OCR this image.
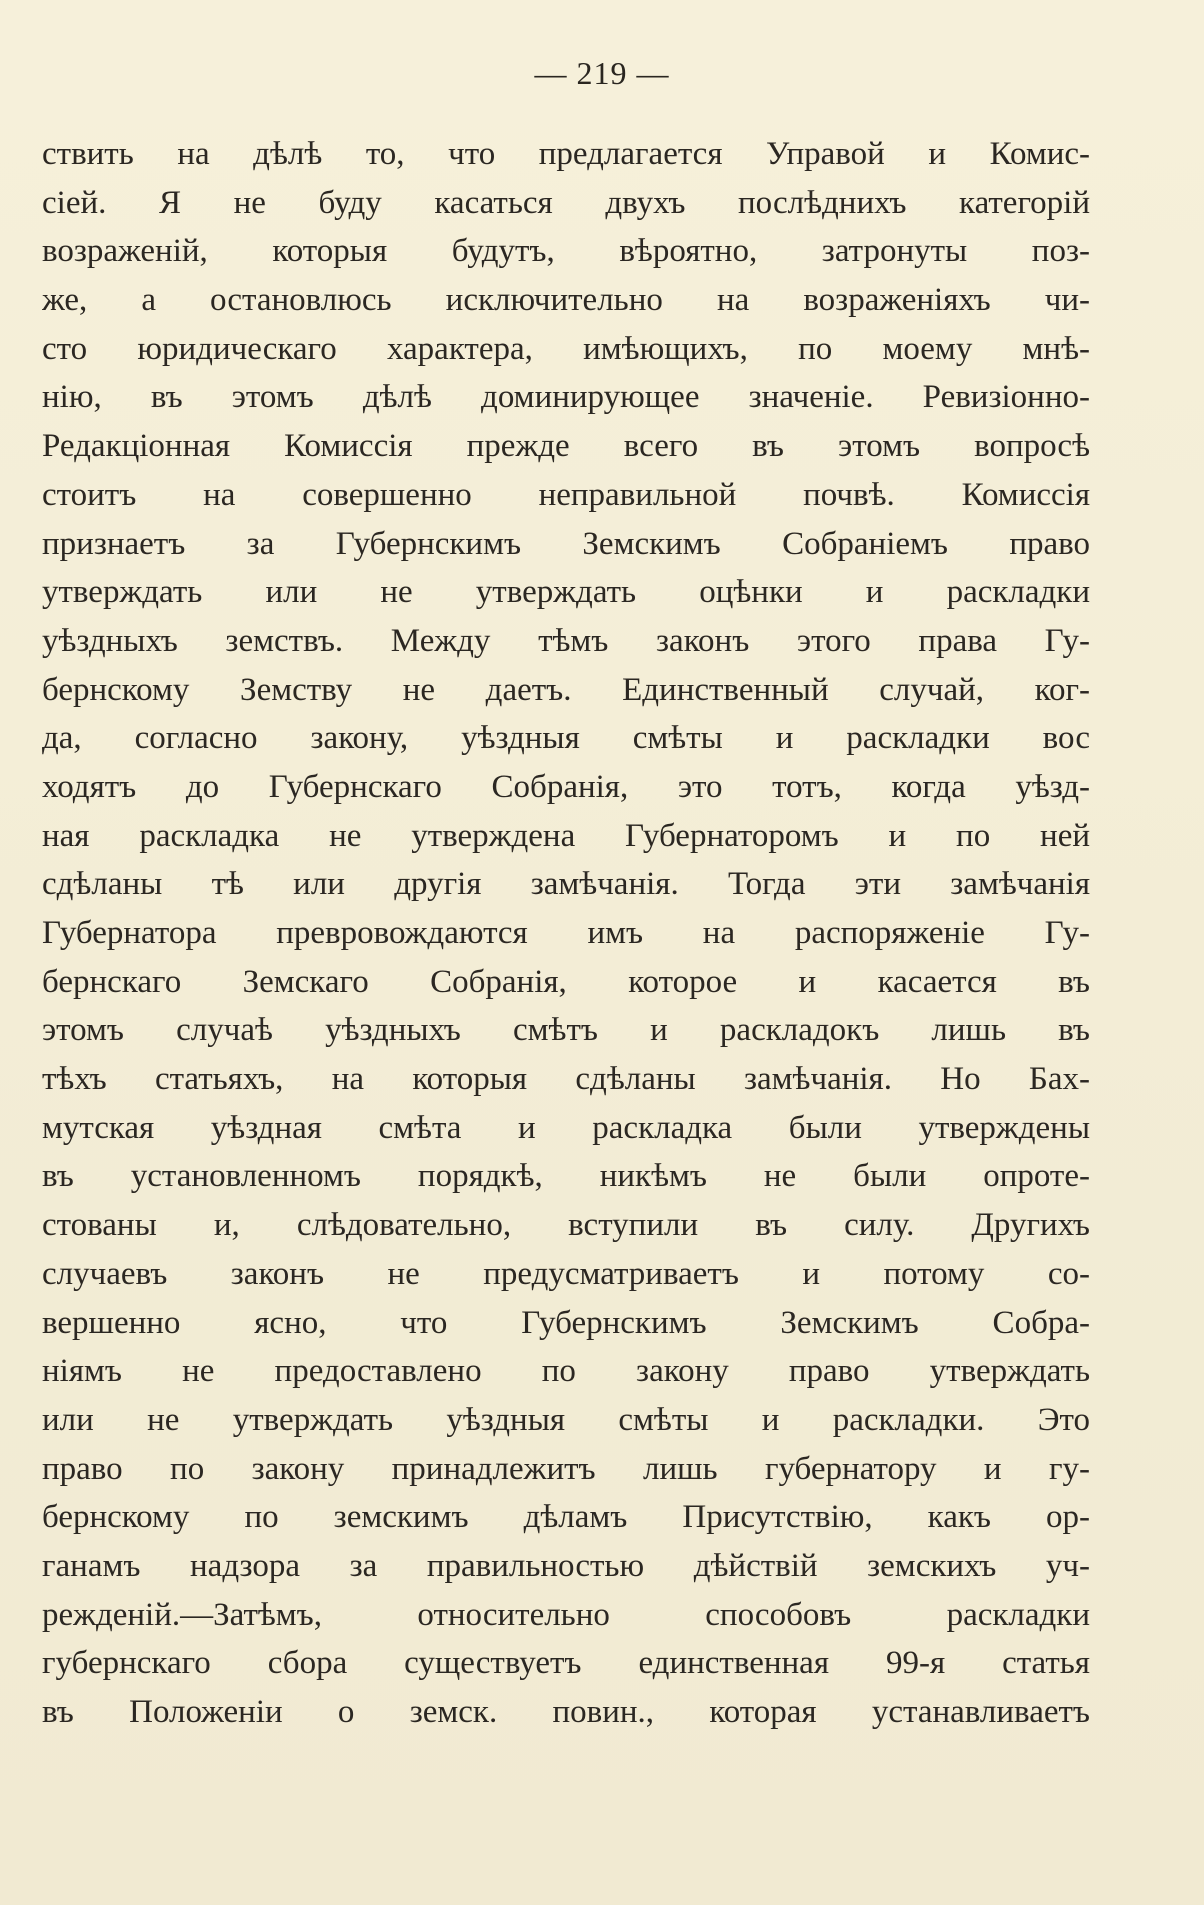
— 219 —
ствить на дѣлѣ то, что предлагается Управой и Комис-
сіей. Я не буду касаться двухъ послѣднихъ категорій
возраженій, которыя будутъ, вѣроятно, затронуты поз-
же, а остановлюсь исключительно на возраженіяхъ чи-
сто юридическаго характера, имѣющихъ, по моему мнѣ-
нію, въ этомъ дѣлѣ доминирующее значеніе. Ревизіонно-
Редакціонная Комиссія прежде всего въ этомъ вопросѣ
стоитъ на совершенно неправильной почвѣ. Комиссія
признаетъ за Губернскимъ Земскимъ Собраніемъ право
утверждать или не утверждать оцѣнки и раскладки
уѣздныхъ земствъ. Между тѣмъ законъ этого права Гу-
бернскому Земству не даетъ. Единственный случай, ког-
да, согласно закону, уѣздныя смѣты и раскладки вос
ходятъ до Губернскаго Собранія, это тотъ, когда уѣзд-
ная раскладка не утверждена Губернаторомъ и по ней
сдѣланы тѣ или другія замѣчанія. Тогда эти замѣчанія
Губернатора превровождаются имъ на распоряженіе Гу-
бернскаго Земскаго Собранія, которое и касается въ
этомъ случаѣ уѣздныхъ смѣтъ и раскладокъ лишь въ
тѣхъ статьяхъ, на которыя сдѣланы замѣчанія. Но Бах-
мутская уѣздная смѣта и раскладка были утверждены
въ установленномъ порядкѣ, никѣмъ не были опроте-
стованы и, слѣдовательно, вступили въ силу. Другихъ
случаевъ законъ не предусматриваетъ и потому со-
вершенно ясно, что Губернскимъ Земскимъ Собра-
ніямъ не предоставлено по закону право утверждать
или не утверждать уѣздныя смѣты и раскладки. Это
право по закону принадлежитъ лишь губернатору и гу-
бернскому по земскимъ дѣламъ Присутствію, какъ ор-
ганамъ надзора за правильностью дѣйствій земскихъ уч-
режденій.—Затѣмъ, относительно способовъ раскладки
губернскаго сбора существуетъ единственная 99-я статья
въ Положеніи о земск. повин., которая устанавливаетъ
